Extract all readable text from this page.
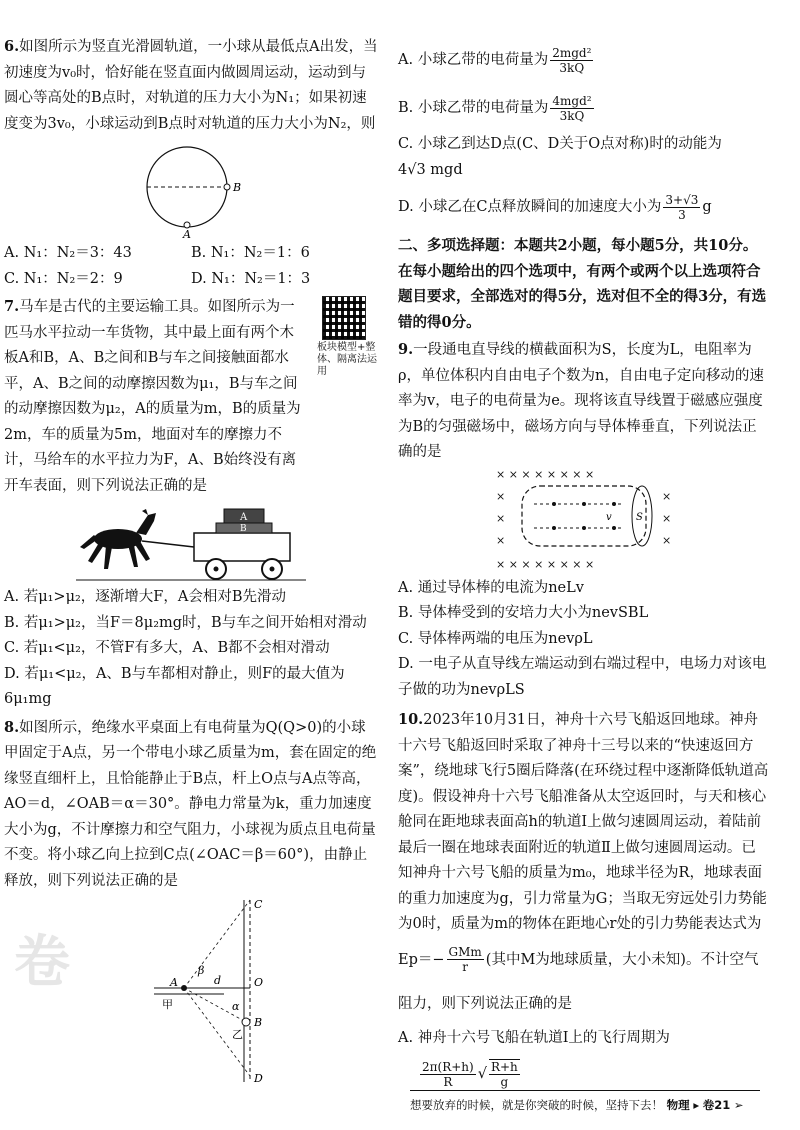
6.如图所示为竖直光滑圆轨道，一小球从最低点A出发，当初速度为v₀时，恰好能在竖直面内做圆周运动，运动到与圆心等高处的B点时，对轨道的压力大小为N₁；如果初速度变为3v₀，小球运动到B点时对轨道的压力大小为N₂，则

B
A

A. N₁：N₂＝3：43	B. N₁：N₂＝1：6

C. N₁：N₂＝2：9	D. N₁：N₂＝1：3

7.马车是古代的主要运输工具。如图所示为一匹马水平拉动一车货物，其中最上面有两个木板A和B，A、B之间和B与车之间接触面都水平，A、B之间的动摩擦因数为μ₁，B与车之间的动摩擦因数为μ₂，A的质量为m，B的质量为2m，车的质量为5m，地面对车的摩擦力不计，马给车的水平拉力为F，A、B始终没有离开车表面，则下列说法正确的是

板块模型+整体、隔离法运用
A
B

A. 若μ₁>μ₂，逐渐增大F，A会相对B先滑动

B. 若μ₁>μ₂，当F＝8μ₂mg时，B与车之间开始相对滑动

C. 若μ₁<μ₂，不管F有多大，A、B都不会相对滑动

D. 若μ₁<μ₂，A、B与车都相对静止，则F的最大值为6μ₁mg

8.如图所示，绝缘水平桌面上有电荷量为Q(Q>0)的小球甲固定于A点，另一个带电小球乙质量为m，套在固定的绝缘竖直细杆上，且恰能静止于B点，杆上O点与A点等高，AO＝d，∠OAB＝α＝30°。静电力常量为k，重力加速度大小为g，不计摩擦力和空气阻力，小球视为质点且电荷量不变。将小球乙向上拉到C点(∠OAC＝β＝60°)，由静止释放，则下列说法正确的是

C
A	O
B
D
甲
乙
β
α
d
卷

A. 小球乙带的电荷量为 $\frac{\text{2mgd²}}{3kQ}$

B. 小球乙带的电荷量为 $\frac{\text{4mgd²}}{3kQ}$

C. 小球乙到达D点(C、D关于O点对称)时的动能为
4√3 mgd

D. 小球乙在C点释放瞬间的加速度大小为 $\frac{3+√3}{3}$ g

二、多项选择题：本题共2小题，每小题5分，共10分。在每小题给出的四个选项中，有两个或两个以上选项符合题目要求，全部选对的得5分，选对但不全的得3分，有选错的得0分。

9.一段通电直导线的横截面积为S，长度为L，电阻率为ρ，单位体积内自由电子个数为n，自由电子定向移动的速率为v，电子的电荷量为e。现将该直导线置于磁感应强度为B的匀强磁场中，磁场方向与导体棒垂直，下列说法正确的是

× × × × × × × ×
×	×
×	×
×	×
× × × × × × × ×
S
v

A. 通过导体棒的电流为neLv

B. 导体棒受到的安培力大小为nevSBL

C. 导体棒两端的电压为nevρL

D. 一电子从直导线左端运动到右端过程中，电场力对该电子做的功为nevρLS

10.2023年10月31日，神舟十六号飞船返回地球。神舟十六号飞船返回时采取了神舟十三号以来的“快速返回方案”，绕地球飞行5圈后降落(在环绕过程中逐渐降低轨道高度)。假设神舟十六号飞船准备从太空返回时，与天和核心舱同在距地球表面高h的轨道Ⅰ上做匀速圆周运动，着陆前最后一圈在地球表面附近的轨道Ⅱ上做匀速圆周运动。已知神舟十六号飞船的质量为m₀，地球半径为R，地球表面的重力加速度为g，引力常量为G；当取无穷远处引力势能为0时，质量为m的物体在距地心r处的引力势能表达式为

$Ep=- \frac{\text{GMm}}{r}$ (其中M为地球质量，大小未知)。不计空气阻力，则下列说法正确的是

A. 神舟十六号飞船在轨道Ⅰ上的飞行周期为

$\frac{2\pi(R+h)}{R}$ √ $\frac{R+h}{g}$

想要放弃的时候，就是你突破的时候，坚持下去！ 物理 ▸ 卷21 ➢
